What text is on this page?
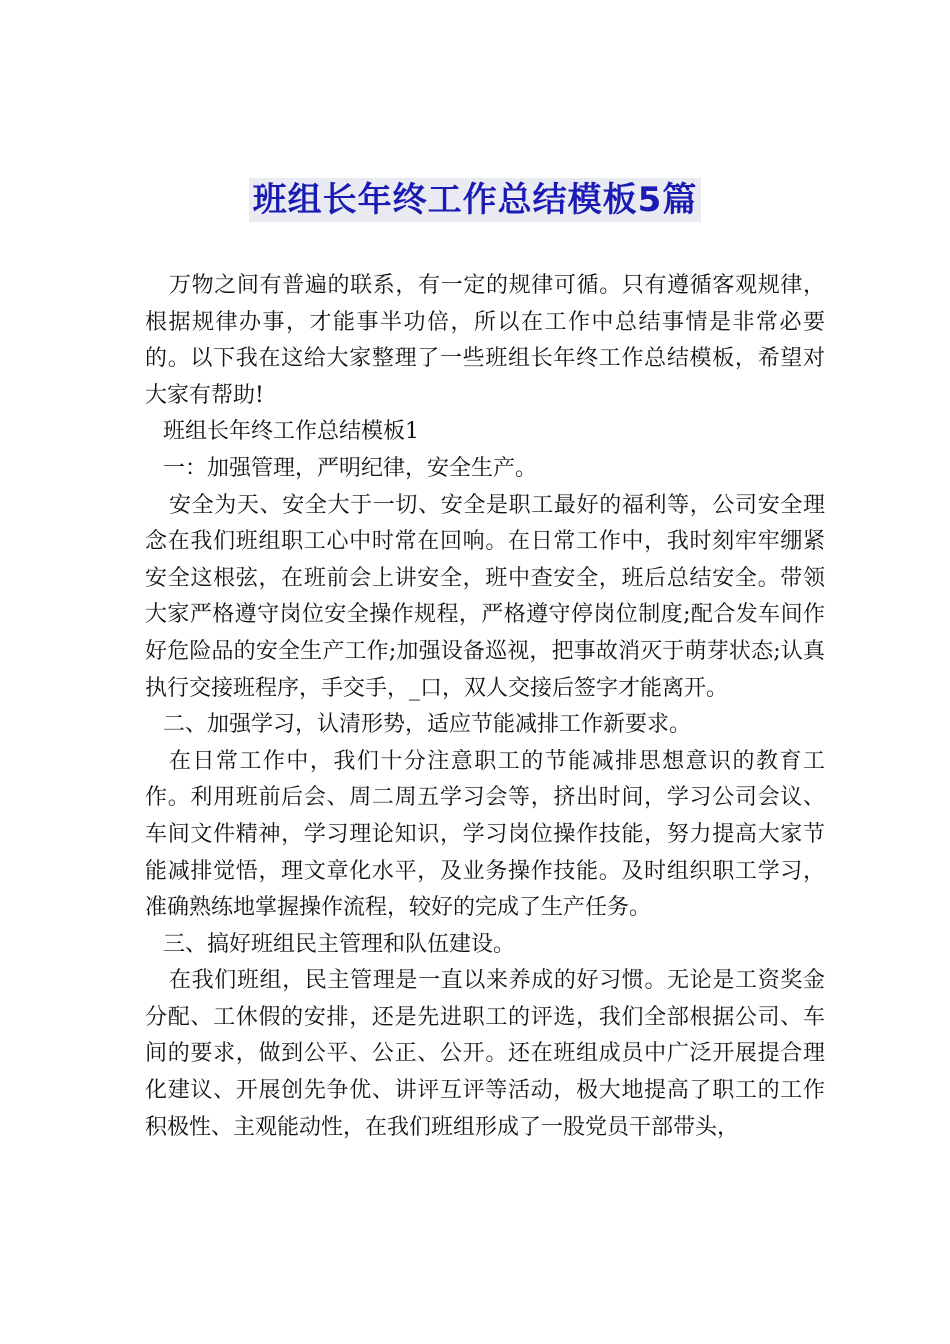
班组长年终工作总结模板5篇

万物之间有普遍的联系，有一定的规律可循。只有遵循客观规律，根据规律办事，才能事半功倍，所以在工作中总结事情是非常必要的。以下我在这给大家整理了一些班组长年终工作总结模板，希望对大家有帮助!

班组长年终工作总结模板1

一：加强管理，严明纪律，安全生产。

安全为天、安全大于一切、安全是职工最好的福利等，公司安全理念在我们班组职工心中时常在回响。在日常工作中，我时刻牢牢绷紧安全这根弦，在班前会上讲安全，班中查安全，班后总结安全。带领大家严格遵守岗位安全操作规程，严格遵守停岗位制度;配合发车间作好危险品的安全生产工作;加强设备巡视，把事故消灭于萌芽状态;认真执行交接班程序，手交手，_口，双人交接后签字才能离开。

二、加强学习，认清形势，适应节能减排工作新要求。

在日常工作中，我们十分注意职工的节能减排思想意识的教育工作。利用班前后会、周二周五学习会等，挤出时间，学习公司会议、车间文件精神，学习理论知识，学习岗位操作技能，努力提高大家节能减排觉悟，理文章化水平，及业务操作技能。及时组织职工学习，准确熟练地掌握操作流程，较好的完成了生产任务。

三、搞好班组民主管理和队伍建设。

在我们班组，民主管理是一直以来养成的好习惯。无论是工资奖金分配、工休假的安排，还是先进职工的评选，我们全部根据公司、车间的要求，做到公平、公正、公开。还在班组成员中广泛开展提合理化建议、开展创先争优、讲评互评等活动，极大地提高了职工的工作积极性、主观能动性，在我们班组形成了一股党员干部带头，
